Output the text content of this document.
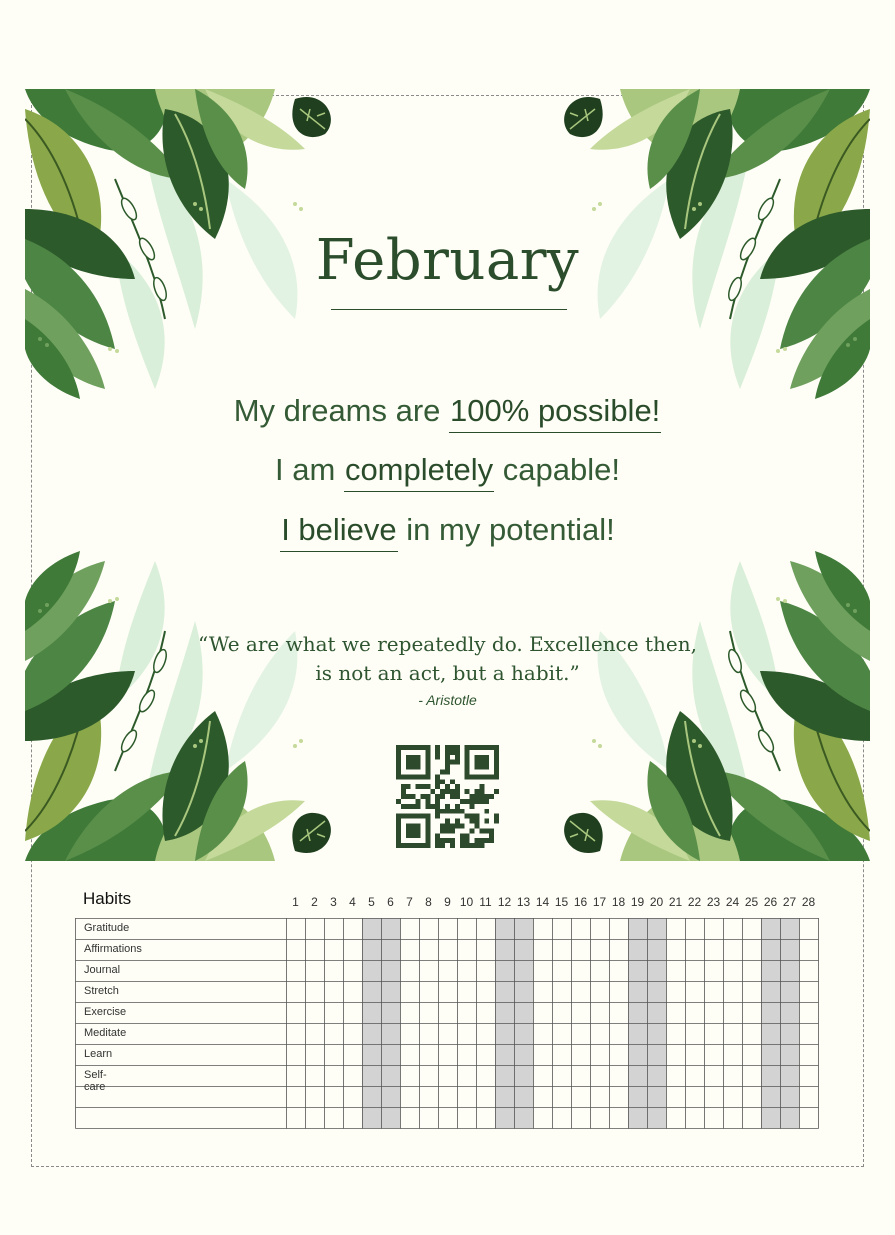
February
My dreams are 100% possible!
I am completely capable!
I believe in my potential!
“We are what we repeatedly do. Excellence then,
is not an act, but a habit.”
- Aristotle
Habits	1	2	3	4	5	6	7	8	9 10 11 12 13 14 15 16 17 18 19 20 21 22 23 24 25 26 27 28
Gratitude
Affirmations
Journal
Stretch
Exercise
Meditate
Learn
Self-care
